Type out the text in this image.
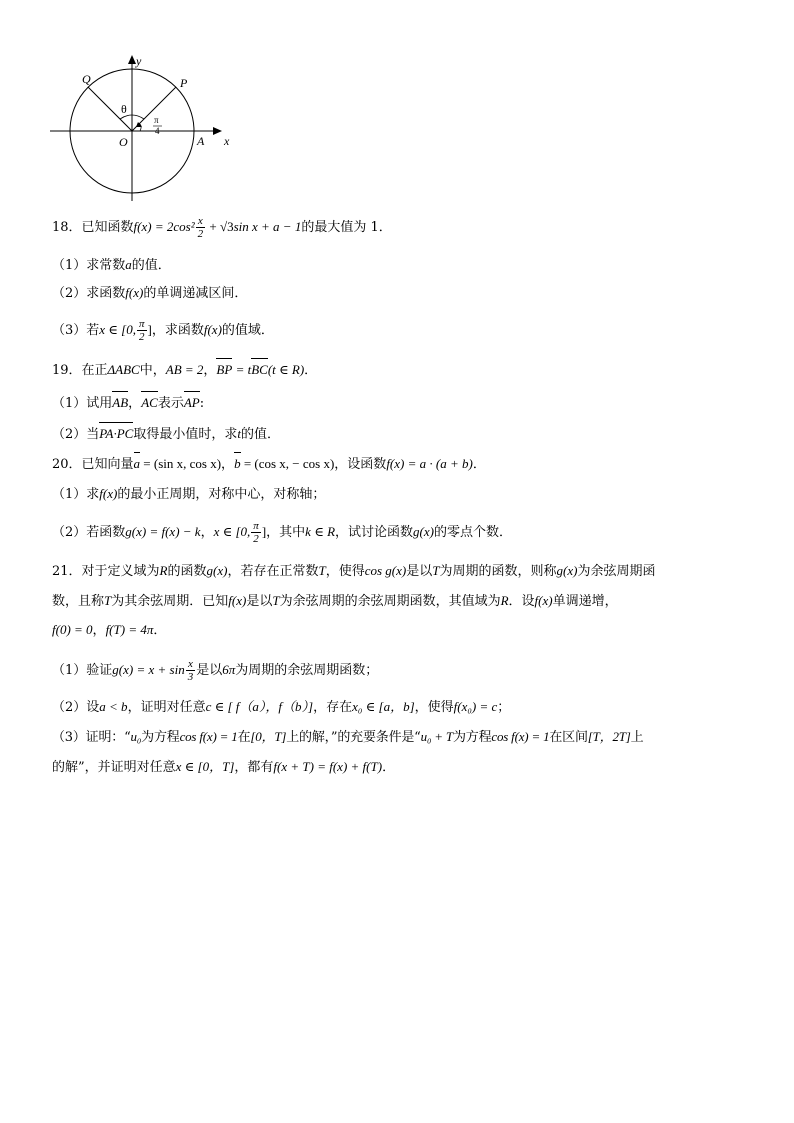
y
x
Q	P
O	A
θ
π
4
18．已知函数$f(x) = 2\cos^2 \frac{x}{2} + √3\sin$ x + a − 1的最大值为 1．
（1）求常数a的值．
（2）求函数f(x)的单调递减区间．
（3）若x ∈ [0, $\frac{\pi}{2}$ ]，求函数f(x)的值域．
19．在正ΔABC中，AB = 2，BP = tBC(t ∈ R)．
（1）试用AB，AC表示AP:
（2）当PA·PC取得最小值时，求t的值．
20．已知向量a = (sin x, cos x)，b = (cos x, − cos x)，设函数f(x) = a · (a + b)．
（1）求f(x)的最小正周期，对称中心，对称轴；
（2）若函数g(x) = f(x) − k，x ∈ [0, $\frac{\pi}{2}$ ]，其中k ∈ R，试讨论函数g(x)的零点个数．
21．对于定义域为R的函数g(x)，若存在正常数T，使得cos g(x)是以T为周期的函数，则称g(x)为余弦周期函
数，且称T为其余弦周期．已知f(x)是以T为余弦周期的余弦周期函数，其值域为R．设f(x)单调递增，
f(0) = 0，f(T) = 4π．
（1）验证$g(x) = x + \sin \frac{x}{3}$ 是以6π为周期的余弦周期函数；
（2）设a < b，证明对任意c ∈ [ f（a），f（b）]，存在x₀ ∈ [a，b]，使得f(x₀) = c；
（3）证明：“u₀为方程cos f(x) = 1在[0，T]上的解，”的充要条件是“u₀ + T为方程cos f(x) = 1在区间[T，2T]上
的解”，并证明对任意x ∈ [0，T]，都有f(x + T) = f(x) + f(T)．
